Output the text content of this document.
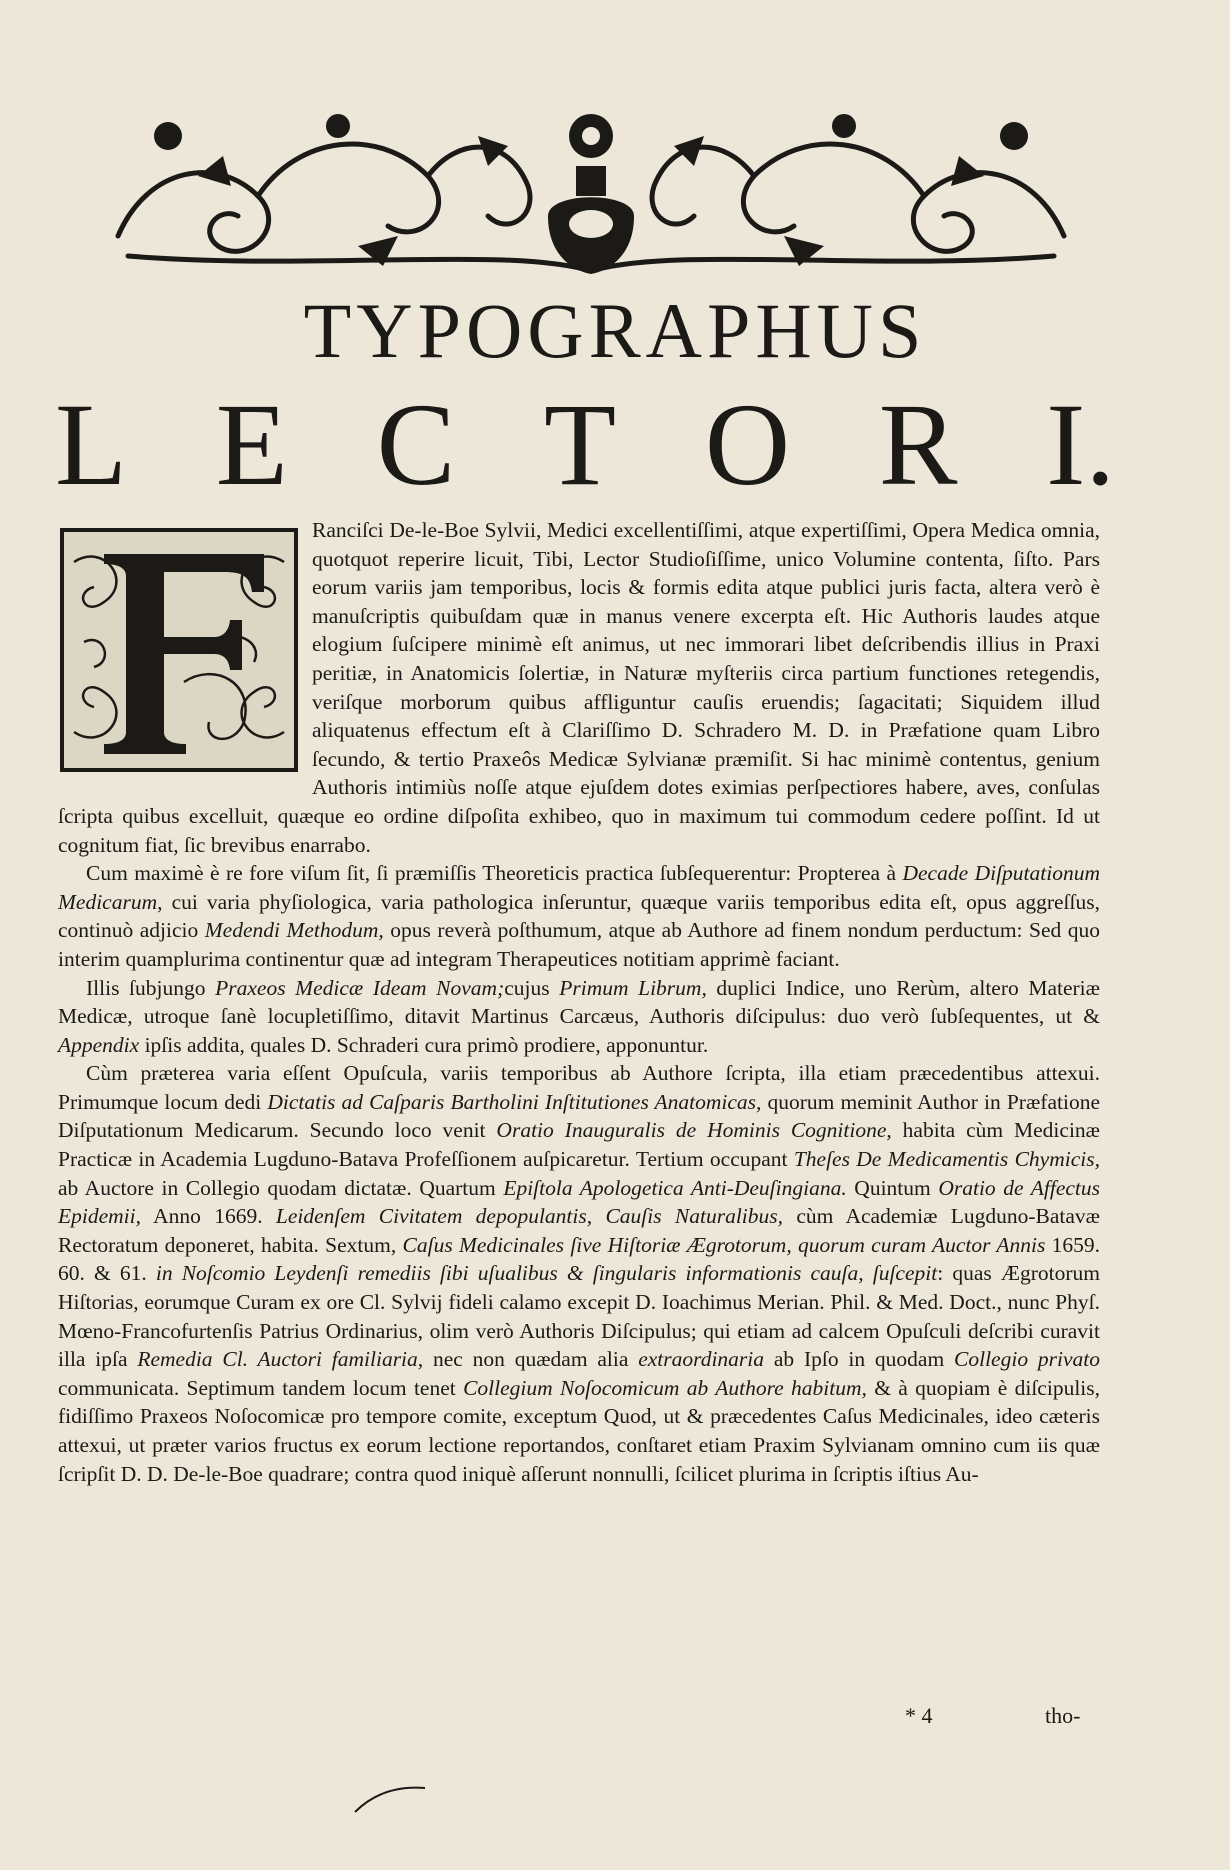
TYPOGRAPHUS
L E C T O R I.

Ranciſci De-le-Boe Sylvii, Medici excellentiſſimi, atque expertiſſimi, Opera Medica omnia, quotquot reperire licuit, Tibi, Lector Studioſiſſime, unico Volumine contenta, ſiſto. Pars eorum variis jam temporibus, locis & formis edita atque publici juris facta, altera verò è manuſcriptis quibuſdam quæ in manus venere excerpta eſt. Hic Authoris laudes atque elogium ſuſcipere minimè eſt animus, ut nec immorari libet deſcribendis illius in Praxi peritiæ, in Anatomicis ſolertiæ, in Naturæ myſteriis circa partium functiones retegendis, veriſque morborum quibus affliguntur cauſis eruendis; ſagacitati; Siquidem illud aliquatenus effectum eſt à Clariſſimo D. Schradero M. D. in Præfatione quam Libro ſecundo, & tertio Praxeôs Medicæ Sylvianæ præmiſit. Si hac minimè contentus, genium Authoris intimiùs noſſe atque ejuſdem dotes eximias perſpectiores habere, aves, conſulas ſcripta quibus excelluit, quæque eo ordine diſpoſita exhibeo, quo in maximum tui commodum cedere poſſint. Id ut cognitum fiat, ſic brevibus enarrabo.

Cum maximè è re fore viſum ſit, ſi præmiſſis Theoreticis practica ſubſequerentur: Propterea à Decade Diſputationum Medicarum, cui varia phyſiologica, varia pathologica inſeruntur, quæque variis temporibus edita eſt, opus aggreſſus, continuò adjicio Medendi Methodum, opus reverà poſthumum, atque ab Authore ad finem nondum perductum: Sed quo interim quamplurima continentur quæ ad integram Therapeutices notitiam apprimè faciant.

Illis ſubjungo Praxeos Medicæ Ideam Novam;cujus Primum Librum, duplici Indice, uno Rerùm, altero Materiæ Medicæ, utroque ſanè locupletiſſimo, ditavit Martinus Carcæus, Authoris diſcipulus: duo verò ſubſequentes, ut & Appendix ipſis addita, quales D. Schraderi cura primò prodiere, apponuntur.

Cùm præterea varia eſſent Opuſcula, variis temporibus ab Authore ſcripta, illa etiam præcedentibus attexui. Primumque locum dedi Dictatis ad Caſparis Bartholini Inſtitutiones Anatomicas, quorum meminit Author in Præfatione Diſputationum Medicarum. Secundo loco venit Oratio Inauguralis de Hominis Cognitione, habita cùm Medicinæ Practicæ in Academia Lugduno-Batava Profeſſionem auſpicaretur. Tertium occupant Theſes De Medicamentis Chymicis, ab Auctore in Collegio quodam dictatæ. Quartum Epiſtola Apologetica Anti-Deuſingiana. Quintum Oratio de Affectus Epidemii, Anno 1669. Leidenſem Civitatem depopulantis, Cauſis Naturalibus, cùm Academiæ Lugduno-Batavæ Rectoratum deponeret, habita. Sextum, Caſus Medicinales ſive Hiſtoriæ Ægrotorum, quorum curam Auctor Annis 1659. 60. & 61. in Noſcomio Leydenſi remediis ſibi uſualibus & ſingularis informationis cauſa, ſuſcepit: quas Ægrotorum Hiſtorias, eorumque Curam ex ore Cl. Sylvij fideli calamo excepit D. Ioachimus Merian. Phil. & Med. Doct., nunc Phyſ. Mœno-Francofurtenſis Patrius Ordinarius, olim verò Authoris Diſcipulus; qui etiam ad calcem Opuſculi deſcribi curavit illa ipſa Remedia Cl. Auctori familiaria, nec non quædam alia extraordinaria ab Ipſo in quodam Collegio privato communicata. Septimum tandem locum tenet Collegium Noſocomicum ab Authore habitum, & à quopiam è diſcipulis, fidiſſimo Praxeos Noſocomicæ pro tempore comite, exceptum Quod, ut & præcedentes Caſus Medicinales, ideo cæteris attexui, ut præter varios fructus ex eorum lectione reportandos, conſtaret etiam Praxim Sylvianam omnino cum iis quæ ſcripſit D. D. De-le-Boe quadrare; contra quod iniquè aſſerunt nonnulli, ſcilicet plurima in ſcriptis iſtius Au-

* 4	tho-
